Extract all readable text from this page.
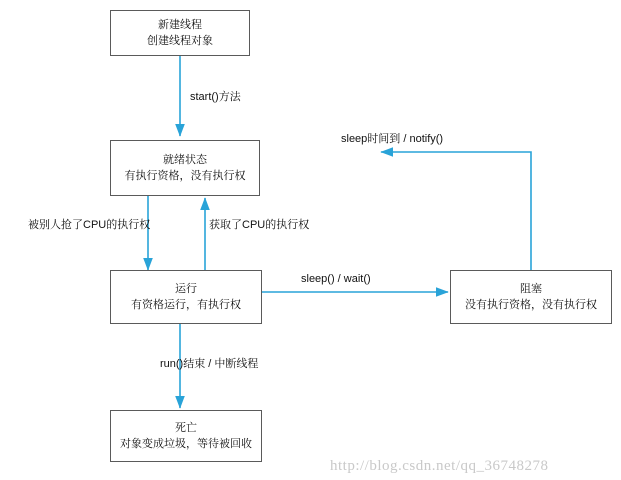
新建线程
创建线程对象
就绪状态
有执行资格，没有执行权
运行
有资格运行，有执行权
阻塞
没有执行资格，没有执行权
死亡
对象变成垃圾，等待被回收
start()方法
被别人抢了CPU的执行权	获取了CPU的执行权
sleep() / wait()
sleep时间到 / notify()
run()结束 / 中断线程
http://blog.csdn.net/qq_36748278
